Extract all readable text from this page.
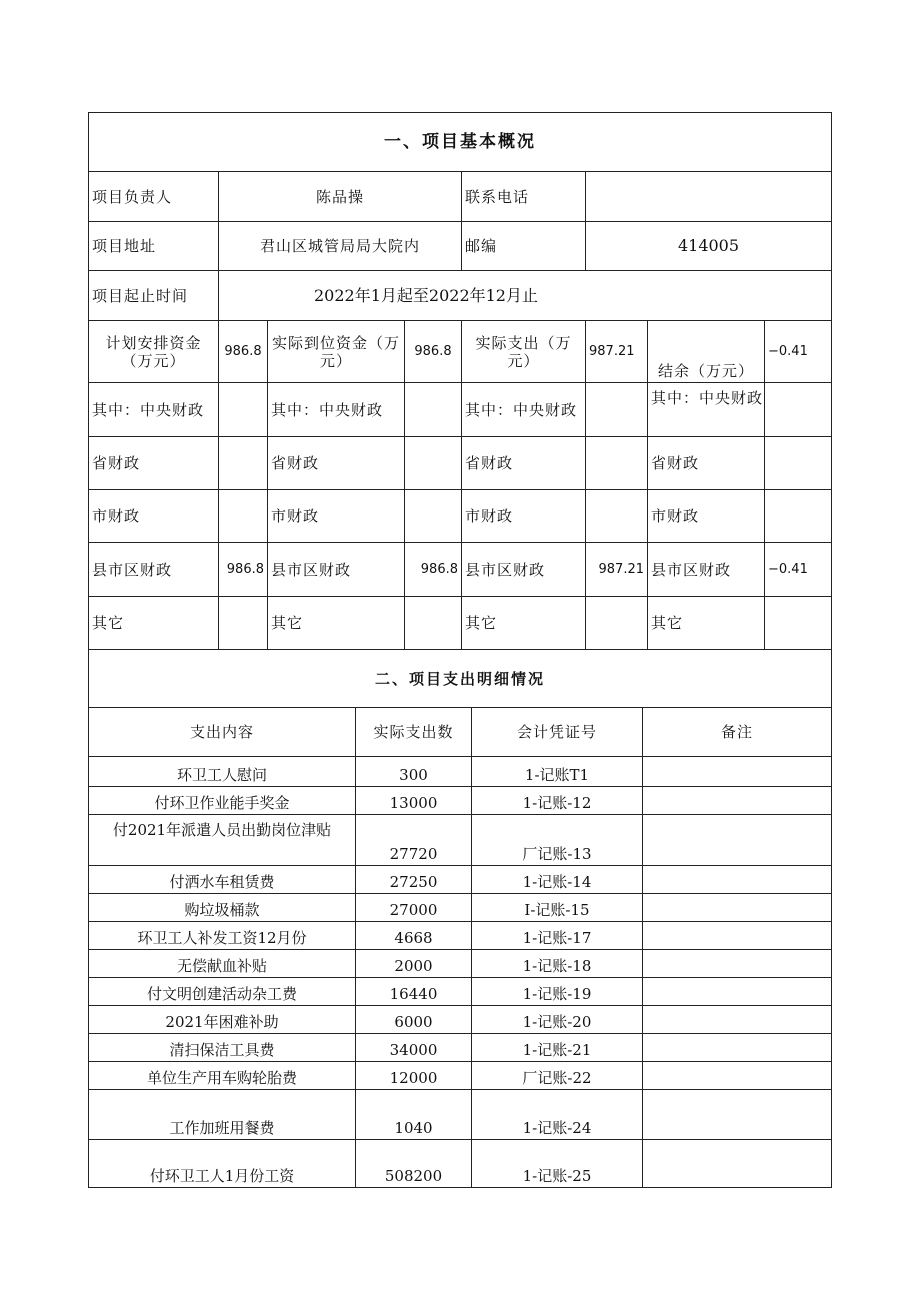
一、项目基本概况							
项目负责人	陈品操			联系电话			
项目地址	君山区城管局局大院内			邮编	414005		
项目起止时间	2022年1月起至2022年12月止						
计划安排资金（万元）	986.8	实际到位资金（万元）	986.8	实际支出（万元）	987.21	结余（万元）	−0.41
其中：中央财政		其中：中央财政		其中：中央财政		其中：中央财政	
省财政		省财政		省财政		省财政	
市财政		市财政		市财政		市财政	
县市区财政	986.8	县市区财政	986.8	县市区财政	987.21	县市区财政	−0.41
其它		其它		其它		其它	
二、项目支出明细情况			
支出内容	实际支出数	会计凭证号	备注
环卫工人慰问	300	1-记账T1	
付环卫作业能手奖金	13000	1-记账-12	
付2021年派遣人员出勤岗位津贴	27720	厂记账-13	
付洒水车租赁费	27250	1-记账-14	
购垃圾桶款	27000	I-记账-15	
环卫工人补发工资12月份	4668	1-记账-17	
无偿献血补贴	2000	1-记账-18	
付文明创建活动杂工费	16440	1-记账-19	
2021年困难补助	6000	1-记账-20	
清扫保洁工具费	34000	1-记账-21	
单位生产用车购轮胎费	12000	厂记账-22	
工作加班用餐费	1040	1-记账-24	
付环卫工人1月份工资	508200	1-记账-25	
